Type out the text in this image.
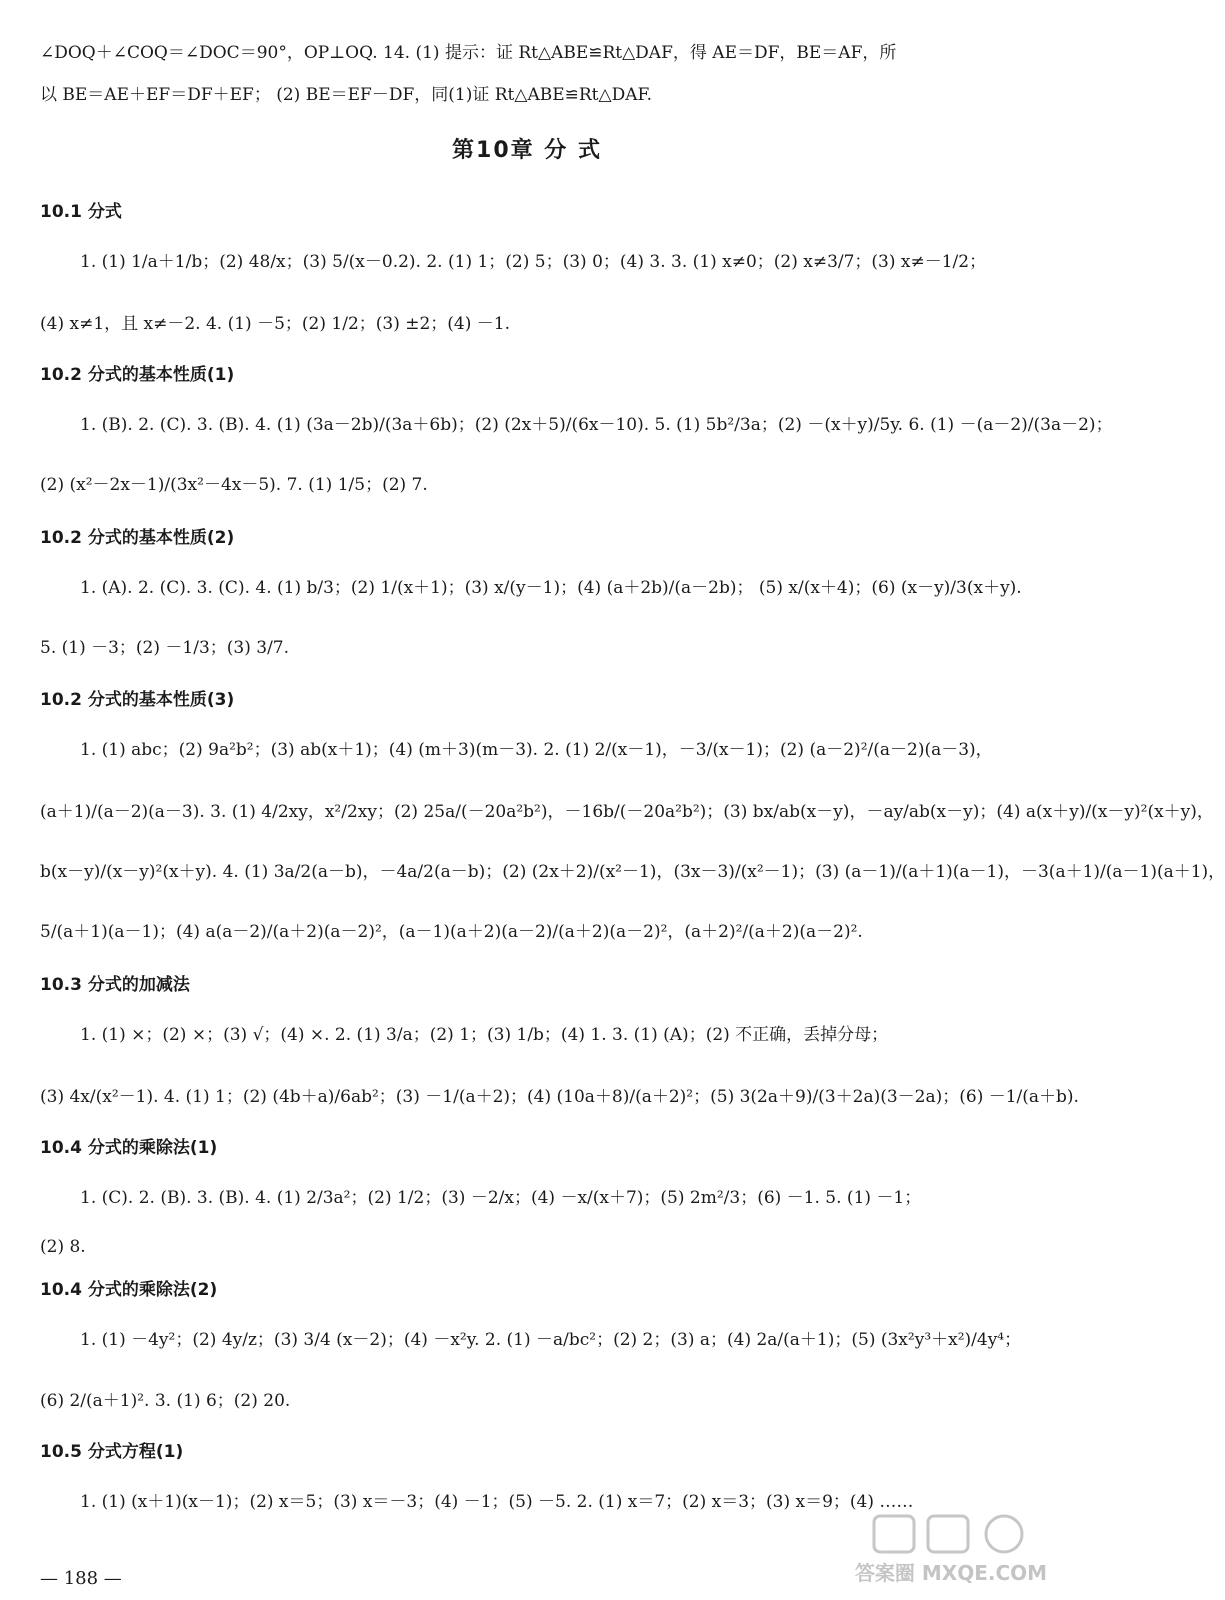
∠DOQ＋∠COQ＝∠DOC＝90°，OP⊥OQ. 14. (1) 提示：证 Rt△ABE≌Rt△DAF，得 AE＝DF，BE＝AF，所
以 BE＝AE＋EF＝DF＋EF； (2) BE＝EF－DF，同(1)证 Rt△ABE≌Rt△DAF.
第10章 分 式
10.1 分式
1. (1) 1/a＋1/b；(2) 48/x；(3) 5/(x－0.2). 2. (1) 1；(2) 5；(3) 0；(4) 3. 3. (1) x≠0；(2) x≠3/7；(3) x≠－1/2；
(4) x≠1，且 x≠－2. 4. (1) －5；(2) 1/2；(3) ±2；(4) －1.
10.2 分式的基本性质(1)
1. (B). 2. (C). 3. (B). 4. (1) (3a－2b)/(3a＋6b)；(2) (2x＋5)/(6x－10). 5. (1) 5b²/3a；(2) －(x＋y)/5y. 6. (1) －(a－2)/(3a－2)；
(2) (x²－2x－1)/(3x²－4x－5). 7. (1) 1/5；(2) 7.
10.2 分式的基本性质(2)
1. (A). 2. (C). 3. (C). 4. (1) b/3；(2) 1/(x＋1)；(3) x/(y－1)；(4) (a＋2b)/(a－2b)； (5) x/(x＋4)；(6) (x－y)/3(x＋y).
5. (1) －3；(2) －1/3；(3) 3/7.
10.2 分式的基本性质(3)
1. (1) abc；(2) 9a²b²；(3) ab(x＋1)；(4) (m＋3)(m－3). 2. (1) 2/(x－1)，－3/(x－1)；(2) (a－2)²/(a－2)(a－3)，
(a＋1)/(a－2)(a－3). 3. (1) 4/2xy，x²/2xy；(2) 25a/(－20a²b²)，－16b/(－20a²b²)；(3) bx/ab(x－y)，－ay/ab(x－y)；(4) a(x＋y)/(x－y)²(x＋y)，
b(x－y)/(x－y)²(x＋y). 4. (1) 3a/2(a－b)，－4a/2(a－b)；(2) (2x＋2)/(x²－1)，(3x－3)/(x²－1)；(3) (a－1)/(a＋1)(a－1)，－3(a＋1)/(a－1)(a＋1)，
5/(a＋1)(a－1)；(4) a(a－2)/(a＋2)(a－2)²，(a－1)(a＋2)(a－2)/(a＋2)(a－2)²，(a＋2)²/(a＋2)(a－2)².
10.3 分式的加减法
1. (1) ×；(2) ×；(3) √；(4) ×. 2. (1) 3/a；(2) 1；(3) 1/b；(4) 1. 3. (1) (A)；(2) 不正确，丢掉分母；
(3) 4x/(x²－1). 4. (1) 1；(2) (4b＋a)/6ab²；(3) －1/(a＋2)；(4) (10a＋8)/(a＋2)²；(5) 3(2a＋9)/(3＋2a)(3－2a)；(6) －1/(a＋b).
10.4 分式的乘除法(1)
1. (C). 2. (B). 3. (B). 4. (1) 2/3a²；(2) 1/2；(3) －2/x；(4) －x/(x＋7)；(5) 2m²/3；(6) －1. 5. (1) －1；
(2) 8.
10.4 分式的乘除法(2)
1. (1) －4y²；(2) 4y/z；(3) 3/4 (x－2)；(4) －x²y. 2. (1) －a/bc²；(2) 2；(3) a；(4) 2a/(a＋1)；(5) (3x²y³＋x²)/4y⁴；
(6) 2/(a＋1)². 3. (1) 6；(2) 20.
10.5 分式方程(1)
1. (1) (x＋1)(x－1)；(2) x＝5；(3) x＝－3；(4) －1；(5) －5. 2. (1) x＝7；(2) x＝3；(3) x＝9；(4) ……
— 188 —	答案圈 MXQE.COM
